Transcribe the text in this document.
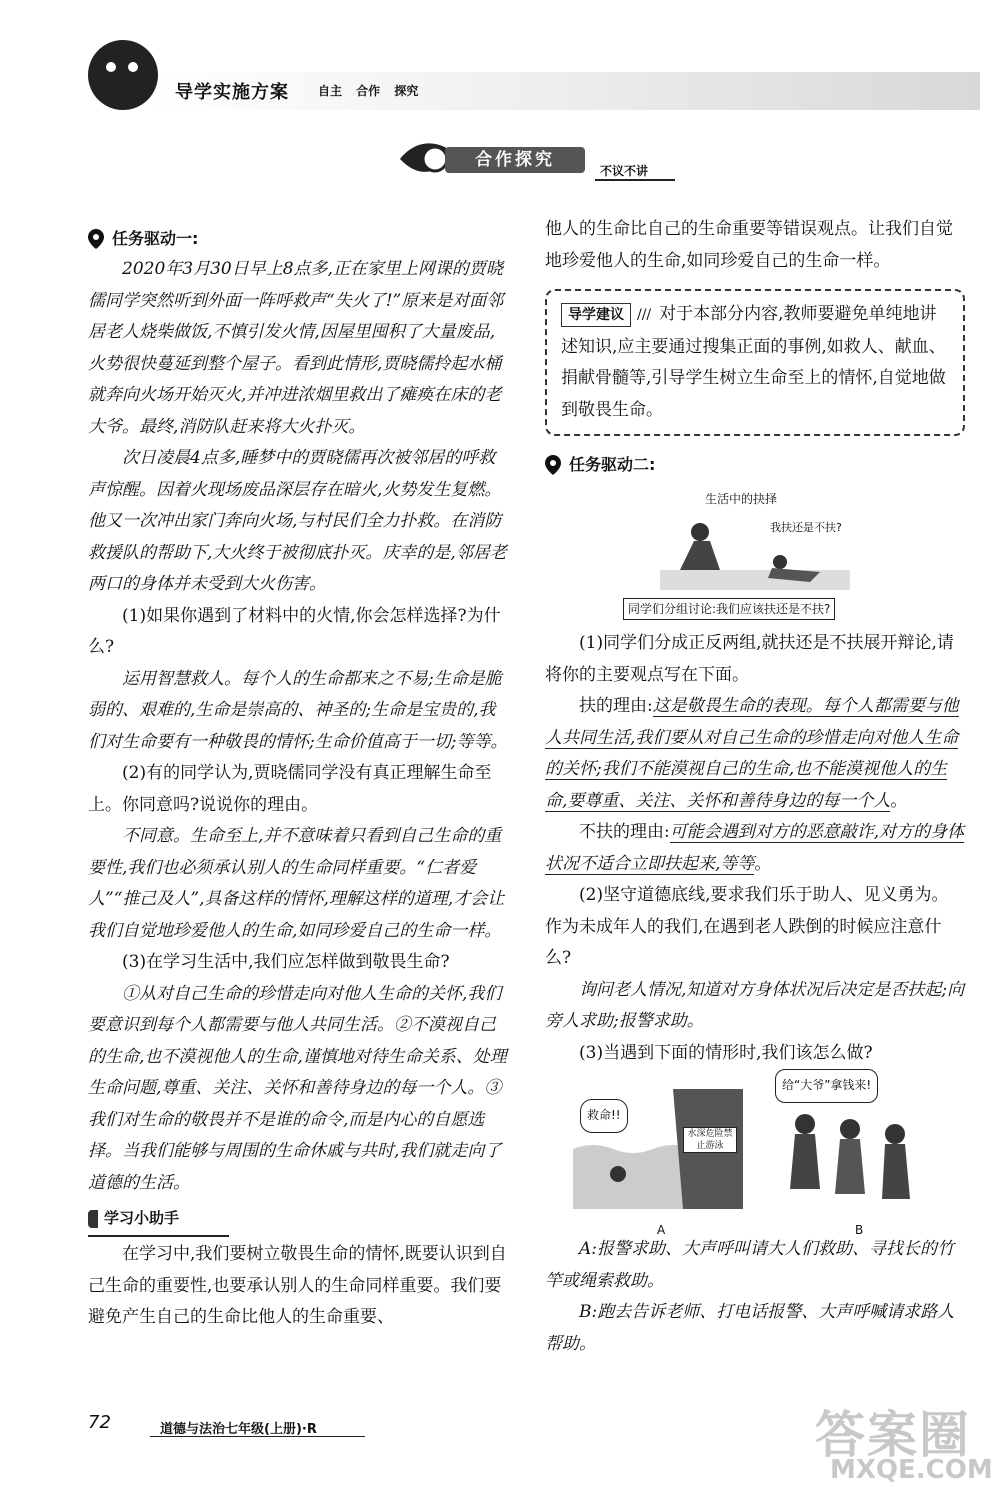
导学实施方案 自主 合作 探究
合作探究
不议不讲
任务驱动一:

2020年3月30日早上8点多,正在家里上网课的贾晓儒同学突然听到外面一阵呼救声“失火了!”原来是对面邻居老人烧柴做饭,不慎引发火情,因屋里囤积了大量废品,火势很快蔓延到整个屋子。看到此情形,贾晓儒拎起水桶就奔向火场开始灭火,并冲进浓烟里救出了瘫痪在床的老大爷。最终,消防队赶来将大火扑灭。

次日凌晨4点多,睡梦中的贾晓儒再次被邻居的呼救声惊醒。因着火现场废品深层存在暗火,火势发生复燃。他又一次冲出家门奔向火场,与村民们全力扑救。在消防救援队的帮助下,大火终于被彻底扑灭。庆幸的是,邻居老两口的身体并未受到大火伤害。

(1)如果你遇到了材料中的火情,你会怎样选择?为什么?

运用智慧救人。每个人的生命都来之不易;生命是脆弱的、艰难的,生命是崇高的、神圣的;生命是宝贵的,我们对生命要有一种敬畏的情怀;生命价值高于一切;等等。

(2)有的同学认为,贾晓儒同学没有真正理解生命至上。你同意吗?说说你的理由。

不同意。生命至上,并不意味着只看到自己生命的重要性,我们也必须承认别人的生命同样重要。“仁者爱人”“推己及人”,具备这样的情怀,理解这样的道理,才会让我们自觉地珍爱他人的生命,如同珍爱自己的生命一样。

(3)在学习生活中,我们应怎样做到敬畏生命?

①从对自己生命的珍惜走向对他人生命的关怀,我们要意识到每个人都需要与他人共同生活。②不漠视自己的生命,也不漠视他人的生命,谨慎地对待生命关系、处理生命问题,尊重、关注、关怀和善待身边的每一个人。③我们对生命的敬畏并不是谁的命令,而是内心的自愿选择。当我们能够与周围的生命休戚与共时,我们就走向了道德的生活。

学习小助手

在学习中,我们要树立敬畏生命的情怀,既要认识到自己生命的重要性,也要承认别人的生命同样重要。我们要避免产生自己的生命比他人的生命重要、

他人的生命比自己的生命重要等错误观点。让我们自觉地珍爱他人的生命,如同珍爱自己的生命一样。

导学建议 /// 对于本部分内容,教师要避免单纯地讲述知识,应主要通过搜集正面的事例,如救人、献血、捐献骨髓等,引导学生树立生命至上的情怀,自觉地做到敬畏生命。
任务驱动二:
生活中的抉择
我扶还是不扶?
同学们分组讨论:我们应该扶还是不扶?

(1)同学们分成正反两组,就扶还是不扶展开辩论,请将你的主要观点写在下面。

扶的理由:这是敬畏生命的表现。每个人都需要与他人共同生活,我们要从对自己生命的珍惜走向对他人生命的关怀;我们不能漠视自己的生命,也不能漠视他人的生命,要尊重、关注、关怀和善待身边的每一个人。

不扶的理由:可能会遇到对方的恶意敲诈,对方的身体状况不适合立即扶起来,等等。

(2)坚守道德底线,要求我们乐于助人、见义勇为。作为未成年人的我们,在遇到老人跌倒的时候应注意什么?

询问老人情况,知道对方身体状况后决定是否扶起;向旁人求助;报警求助。

(3)当遇到下面的情形时,我们该怎么做?

救命!!
水深危险禁止游泳
给“大爷”拿钱来!
A	B

A:报警求助、大声呼叫请大人们救助、寻找长的竹竿或绳索救助。

B:跑去告诉老师、打电话报警、大声呼喊请求路人帮助。

72	道德与法治七年级(上册)·R	答案圈
MXQE.COM
